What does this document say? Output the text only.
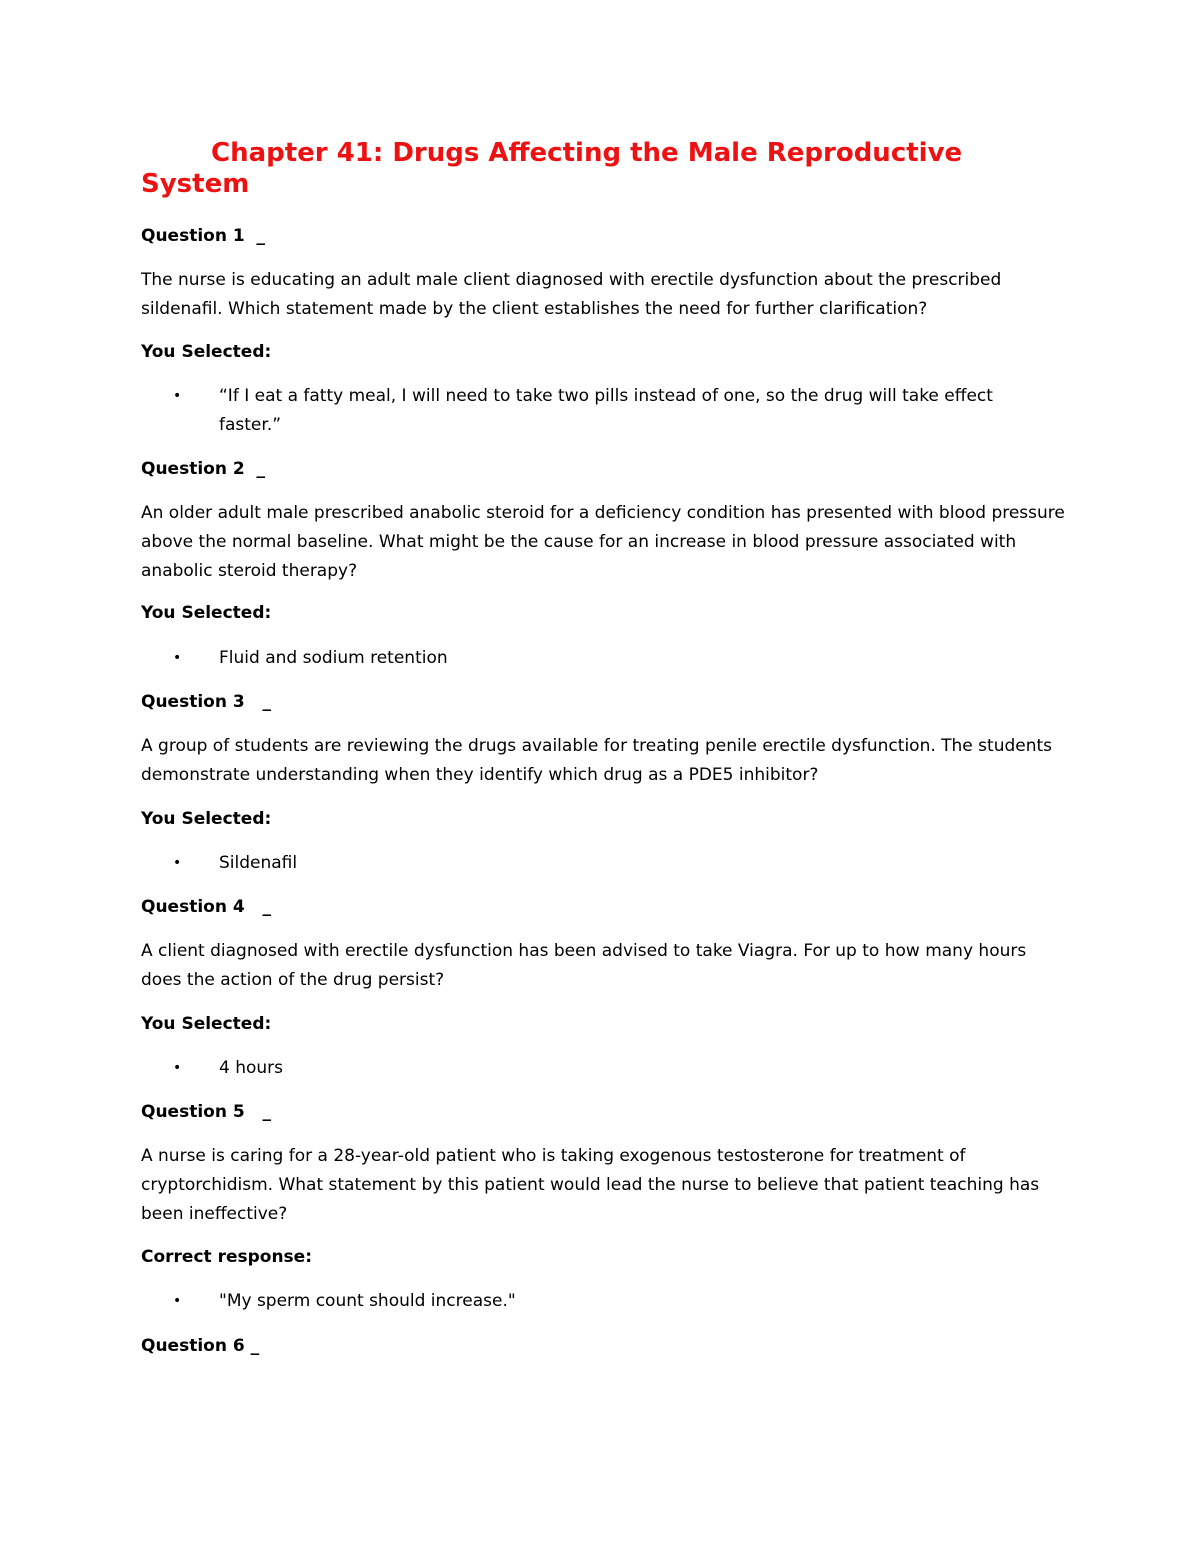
Chapter 41: Drugs Affecting the Male Reproductive System
Question 1  _
The nurse is educating an adult male client diagnosed with erectile dysfunction about the prescribed sildenafil. Which statement made by the client establishes the need for further clarification?
You Selected:
•	“If I eat a fatty meal, I will need to take two pills instead of one, so the drug will take effect faster.”
Question 2  _
An older adult male prescribed anabolic steroid for a deficiency condition has presented with blood pressure above the normal baseline. What might be the cause for an increase in blood pressure associated with anabolic steroid therapy?
You Selected:
•	Fluid and sodium retention
Question 3   _
A group of students are reviewing the drugs available for treating penile erectile dysfunction. The students demonstrate understanding when they identify which drug as a PDE5 inhibitor?
You Selected:
•	Sildenafil
Question 4   _
A client diagnosed with erectile dysfunction has been advised to take Viagra. For up to how many hours does the action of the drug persist?
You Selected:
•	4 hours
Question 5   _
A nurse is caring for a 28-year-old patient who is taking exogenous testosterone for treatment of cryptorchidism. What statement by this patient would lead the nurse to believe that patient teaching has been ineffective?
Correct response:
•	"My sperm count should increase."
Question 6 _
